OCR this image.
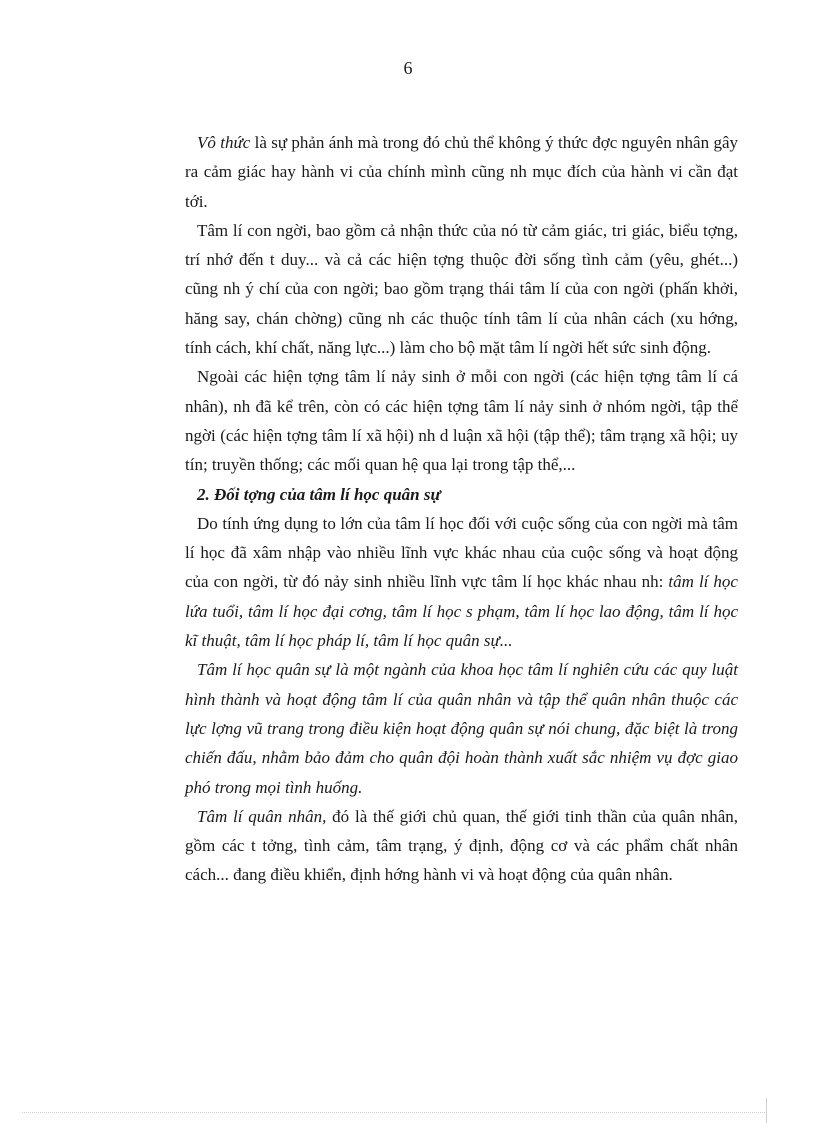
6

Vô thức là sự phản ánh mà trong đó chủ thể không ý thức đợc nguyên nhân gây ra cảm giác hay hành vi của chính mình cũng nh mục đích của hành vi cần đạt tới.

Tâm lí con ngời, bao gồm cả nhận thức của nó từ cảm giác, tri giác, biểu tợng, trí nhớ đến t duy... và cả các hiện tợng thuộc đời sống tình cảm (yêu, ghét...) cũng nh ý chí của con ngời; bao gồm trạng thái tâm lí của con ngời (phấn khởi, hăng say, chán chờng) cũng nh các thuộc tính tâm lí của nhân cách (xu hớng, tính cách, khí chất, năng lực...) làm cho bộ mặt tâm lí ngời hết sức sinh động.

Ngoài các hiện tợng tâm lí nảy sinh ở mỗi con ngời (các hiện tợng tâm lí cá nhân), nh đã kể trên, còn có các hiện tợng tâm lí nảy sinh ở nhóm ngời, tập thể ngời (các hiện tợng tâm lí xã hội) nh d luận xã hội (tập thể); tâm trạng xã hội; uy tín; truyền thống; các mối quan hệ qua lại trong tập thể,...

2. Đối tợng của tâm lí học quân sự

Do tính ứng dụng to lớn của tâm lí học đối với cuộc sống của con ngời mà tâm lí học đã xâm nhập vào nhiều lĩnh vực khác nhau của cuộc sống và hoạt động của con ngời, từ đó nảy sinh nhiều lĩnh vực tâm lí học khác nhau nh: tâm lí học lứa tuổi, tâm lí học đại cơng, tâm lí học s phạm, tâm lí học lao động, tâm lí học kĩ thuật, tâm lí học pháp lí, tâm lí học quân sự...

Tâm lí học quân sự là một ngành của khoa học tâm lí nghiên cứu các quy luật hình thành và hoạt động tâm lí của quân nhân và tập thể quân nhân thuộc các lực lợng vũ trang trong điều kiện hoạt động quân sự nói chung, đặc biệt là trong chiến đấu, nhằm bảo đảm cho quân đội hoàn thành xuất sắc nhiệm vụ đợc giao phó trong mọi tình huống.

Tâm lí quân nhân, đó là thế giới chủ quan, thế giới tinh thần của quân nhân, gồm các t tởng, tình cảm, tâm trạng, ý định, động cơ và các phẩm chất nhân cách... đang điều khiển, định hớng hành vi và hoạt động của quân nhân.
